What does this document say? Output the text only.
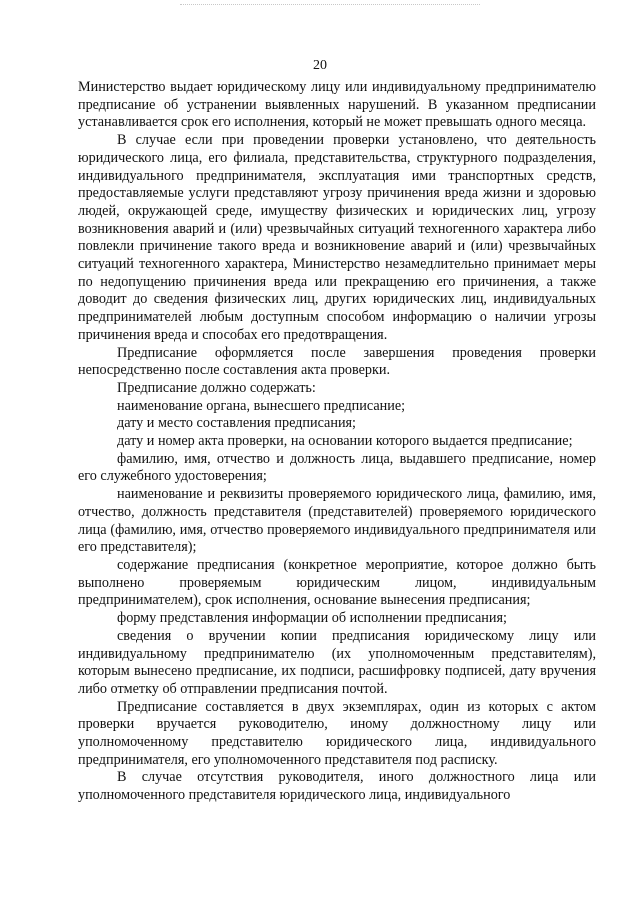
20

Министерство выдает юридическому лицу или индивидуальному предпринимателю предписание об устранении выявленных нарушений. В указанном предписании устанавливается срок его исполнения, который не может превышать одного месяца.

В случае если при проведении проверки установлено, что деятельность юридического лица, его филиала, представительства, структурного подразделения, индивидуального предпринимателя, эксплуатация ими транспортных средств, предоставляемые услуги представляют угрозу причинения вреда жизни и здоровью людей, окружающей среде, имуществу физических и юридических лиц, угрозу возникновения аварий и (или) чрезвычайных ситуаций техногенного характера либо повлекли причинение такого вреда и возникновение аварий и (или) чрезвычайных ситуаций техногенного характера, Министерство незамедлительно принимает меры по недопущению причинения вреда или прекращению его причинения, а также доводит до сведения физических лиц, других юридических лиц, индивидуальных предпринимателей любым доступным способом информацию о наличии угрозы причинения вреда и способах его предотвращения.

Предписание оформляется после завершения проведения проверки непосредственно после составления акта проверки.

Предписание должно содержать:

наименование органа, вынесшего предписание;

дату и место составления предписания;

дату и номер акта проверки, на основании которого выдается предписание;

фамилию, имя, отчество и должность лица, выдавшего предписание, номер его служебного удостоверения;

наименование и реквизиты проверяемого юридического лица, фамилию, имя, отчество, должность представителя (представителей) проверяемого юридического лица (фамилию, имя, отчество проверяемого индивидуального предпринимателя или его представителя);

содержание предписания (конкретное мероприятие, которое должно быть выполнено проверяемым юридическим лицом, индивидуальным предпринимателем), срок исполнения, основание вынесения предписания;

форму представления информации об исполнении предписания;

сведения о вручении копии предписания юридическому лицу или индивидуальному предпринимателю (их уполномоченным представителям), которым вынесено предписание, их подписи, расшифровку подписей, дату вручения либо отметку об отправлении предписания почтой.

Предписание составляется в двух экземплярах, один из которых с актом проверки вручается руководителю, иному должностному лицу или уполномоченному представителю юридического лица, индивидуального предпринимателя, его уполномоченного представителя под расписку.

В случае отсутствия руководителя, иного должностного лица или уполномоченного представителя юридического лица, индивидуального
